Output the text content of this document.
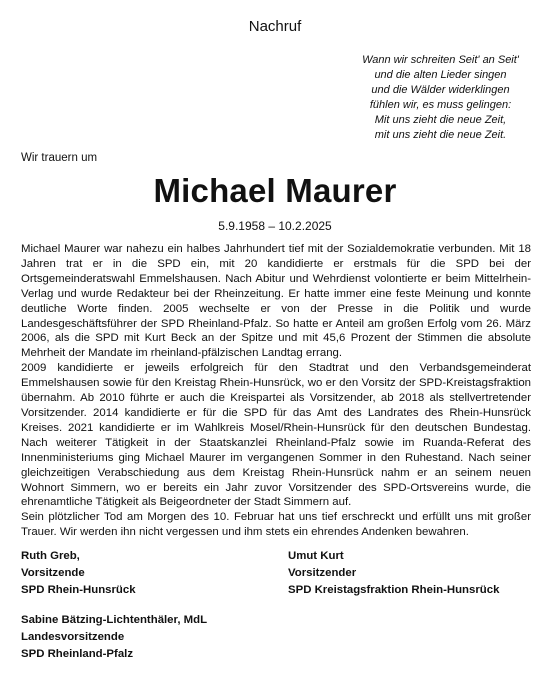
Nachruf
Wann wir schreiten Seit' an Seit'
und die alten Lieder singen
und die Wälder widerklingen
fühlen wir, es muss gelingen:
Mit uns zieht die neue Zeit,
mit uns zieht die neue Zeit.
Wir trauern um
Michael Maurer
5.9.1958 – 10.2.2025

Michael Maurer war nahezu ein halbes Jahrhundert tief mit der Sozialdemokratie verbunden. Mit 18 Jahren trat er in die SPD ein, mit 20 kandidierte er erstmals für die SPD bei der Ortsgemeinderatswahl Emmelshausen. Nach Abitur und Wehrdienst volontierte er beim Mittelrhein-Verlag und wurde Redakteur bei der Rheinzeitung. Er hatte immer eine feste Meinung und konnte deutliche Worte finden. 2005 wechselte er von der Presse in die Politik und wurde Landesgeschäftsführer der SPD Rheinland-Pfalz. So hatte er Anteil am großen Erfolg vom 26. März 2006, als die SPD mit Kurt Beck an der Spitze und mit 45,6 Prozent der Stimmen die absolute Mehrheit der Mandate im rheinland-pfälzischen Landtag errang.

2009 kandidierte er jeweils erfolgreich für den Stadtrat und den Verbandsgemeinderat Emmelshausen sowie für den Kreistag Rhein-Hunsrück, wo er den Vorsitz der SPD-Kreistagsfraktion übernahm. Ab 2010 führte er auch die Kreispartei als Vorsitzender, ab 2018 als stellvertretender Vorsitzender. 2014 kandidierte er für die SPD für das Amt des Landrates des Rhein-Hunsrück Kreises. 2021 kandidierte er im Wahlkreis Mosel/Rhein-Hunsrück für den deutschen Bundestag. Nach weiterer Tätigkeit in der Staatskanzlei Rheinland-Pfalz sowie im Ruanda-Referat des Innenministeriums ging Michael Maurer im vergangenen Sommer in den Ruhestand. Nach seiner gleichzeitigen Verabschiedung aus dem Kreistag Rhein-Hunsrück nahm er an seinem neuen Wohnort Simmern, wo er bereits ein Jahr zuvor Vorsitzender des SPD-Ortsvereins wurde, die ehrenamtliche Tätigkeit als Beigeordneter der Stadt Simmern auf.

Sein plötzlicher Tod am Morgen des 10. Februar hat uns tief erschreckt und erfüllt uns mit großer Trauer. Wir werden ihn nicht vergessen und ihm stets ein ehrendes Andenken bewahren.

Ruth Greb,
Vorsitzende
SPD Rhein-Hunsrück
Umut Kurt
Vorsitzender
SPD Kreistagsfraktion Rhein-Hunsrück
Sabine Bätzing-Lichtenthäler, MdL
Landesvorsitzende
SPD Rheinland-Pfalz
